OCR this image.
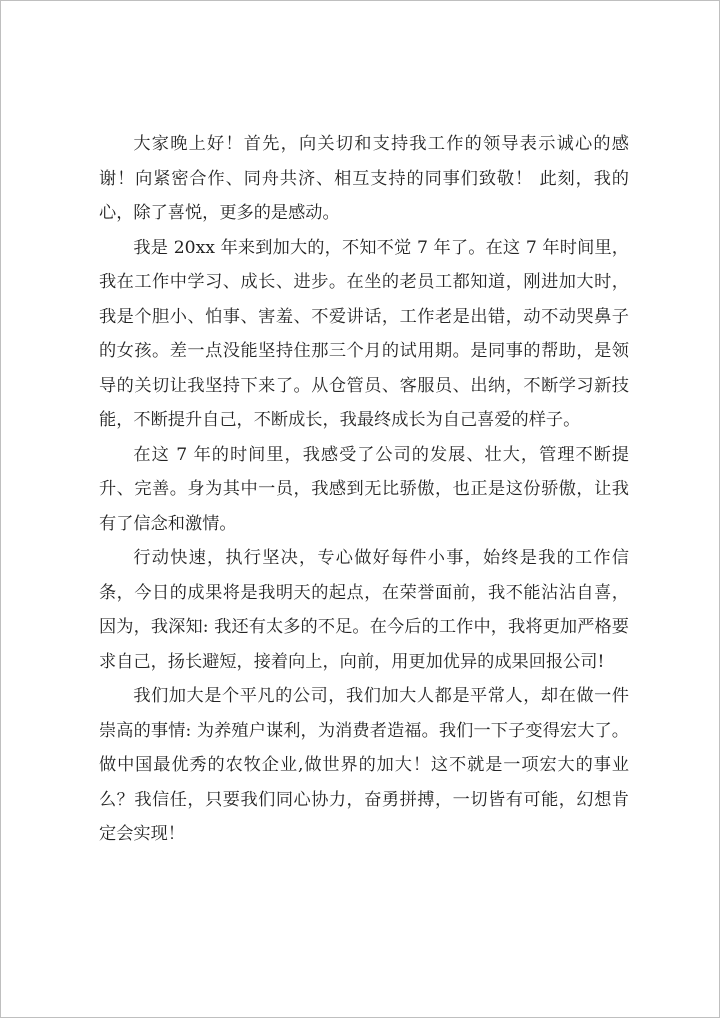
大家晚上好！首先，向关切和支持我工作的领导表示诚心的感谢！向紧密合作、同舟共济、相互支持的同事们致敬！ 此刻，我的心，除了喜悦，更多的是感动。

我是 20xx 年来到加大的，不知不觉 7 年了。在这 7 年时间里，我在工作中学习、成长、进步。在坐的老员工都知道，刚进加大时，我是个胆小、怕事、害羞、不爱讲话，工作老是出错，动不动哭鼻子的女孩。差一点没能坚持住那三个月的试用期。是同事的帮助，是领导的关切让我坚持下来了。从仓管员、客服员、出纳，不断学习新技能，不断提升自己，不断成长，我最终成长为自己喜爱的样子。

在这 7 年的时间里，我感受了公司的发展、壮大，管理不断提升、完善。身为其中一员，我感到无比骄傲，也正是这份骄傲，让我有了信念和激情。

行动快速，执行坚决，专心做好每件小事，始终是我的工作信条，今日的成果将是我明天的起点，在荣誉面前，我不能沾沾自喜，因为，我深知: 我还有太多的不足。在今后的工作中，我将更加严格要求自己，扬长避短，接着向上，向前，用更加优异的成果回报公司!

我们加大是个平凡的公司，我们加大人都是平常人，却在做一件崇高的事情: 为养殖户谋利，为消费者造福。我们一下子变得宏大了。做中国最优秀的农牧企业,做世界的加大！这不就是一项宏大的事业么？我信任，只要我们同心协力，奋勇拼搏，一切皆有可能，幻想肯定会实现！
